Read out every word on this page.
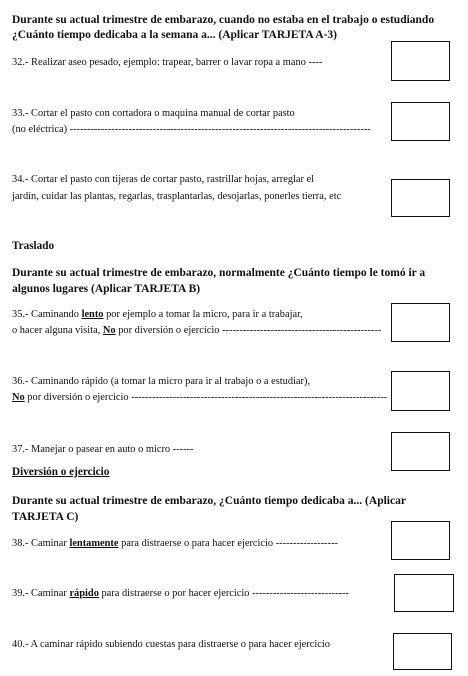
Durante su actual trimestre de embarazo, cuando no estaba en el trabajo o estudiando
¿Cuánto tiempo dedicaba a la semana a... (Aplicar TARJETA A-3)
32.- Realizar aseo pesado, ejemplo: trapear, barrer o lavar ropa a mano ----
33.- Cortar el pasto con cortadora o maquina manual de cortar pasto
(no eléctrica) ---------------------------------------------------------------------------------------
34.- Cortar el pasto con tijeras de cortar pasto, rastrillar hojas, arreglar el
jardín, cuidar las plantas, regarlas, trasplantarlas, desojarlas, ponerles tierra, etc
Traslado
Durante su actual trimestre de embarazo, normalmente ¿Cuánto tiempo le tomó ir a
algunos lugares (Aplicar TARJETA B)
35.- Caminando lento por ejemplo a tomar la micro, para ir a trabajar,
o hacer alguna visita, No por diversión o ejercicio ----------------------------------------------
36.- Caminando rápido (a tomar la micro para ir al trabajo o a estudiar),
No por diversión o ejercicio --------------------------------------------------------------------------
37.- Manejar o pasear en auto o micro ------
Diversión o ejercicio
Durante su actual trimestre de embarazo, ¿Cuánto tiempo dedicaba a... (Aplicar
TARJETA C)
38.- Caminar lentamente para distraerse o para hacer ejercicio ------------------
39.- Caminar rápido para distraerse o por hacer ejercicio ----------------------------
40.- A caminar rápido subiendo cuestas para distraerse o para hacer ejercicio
